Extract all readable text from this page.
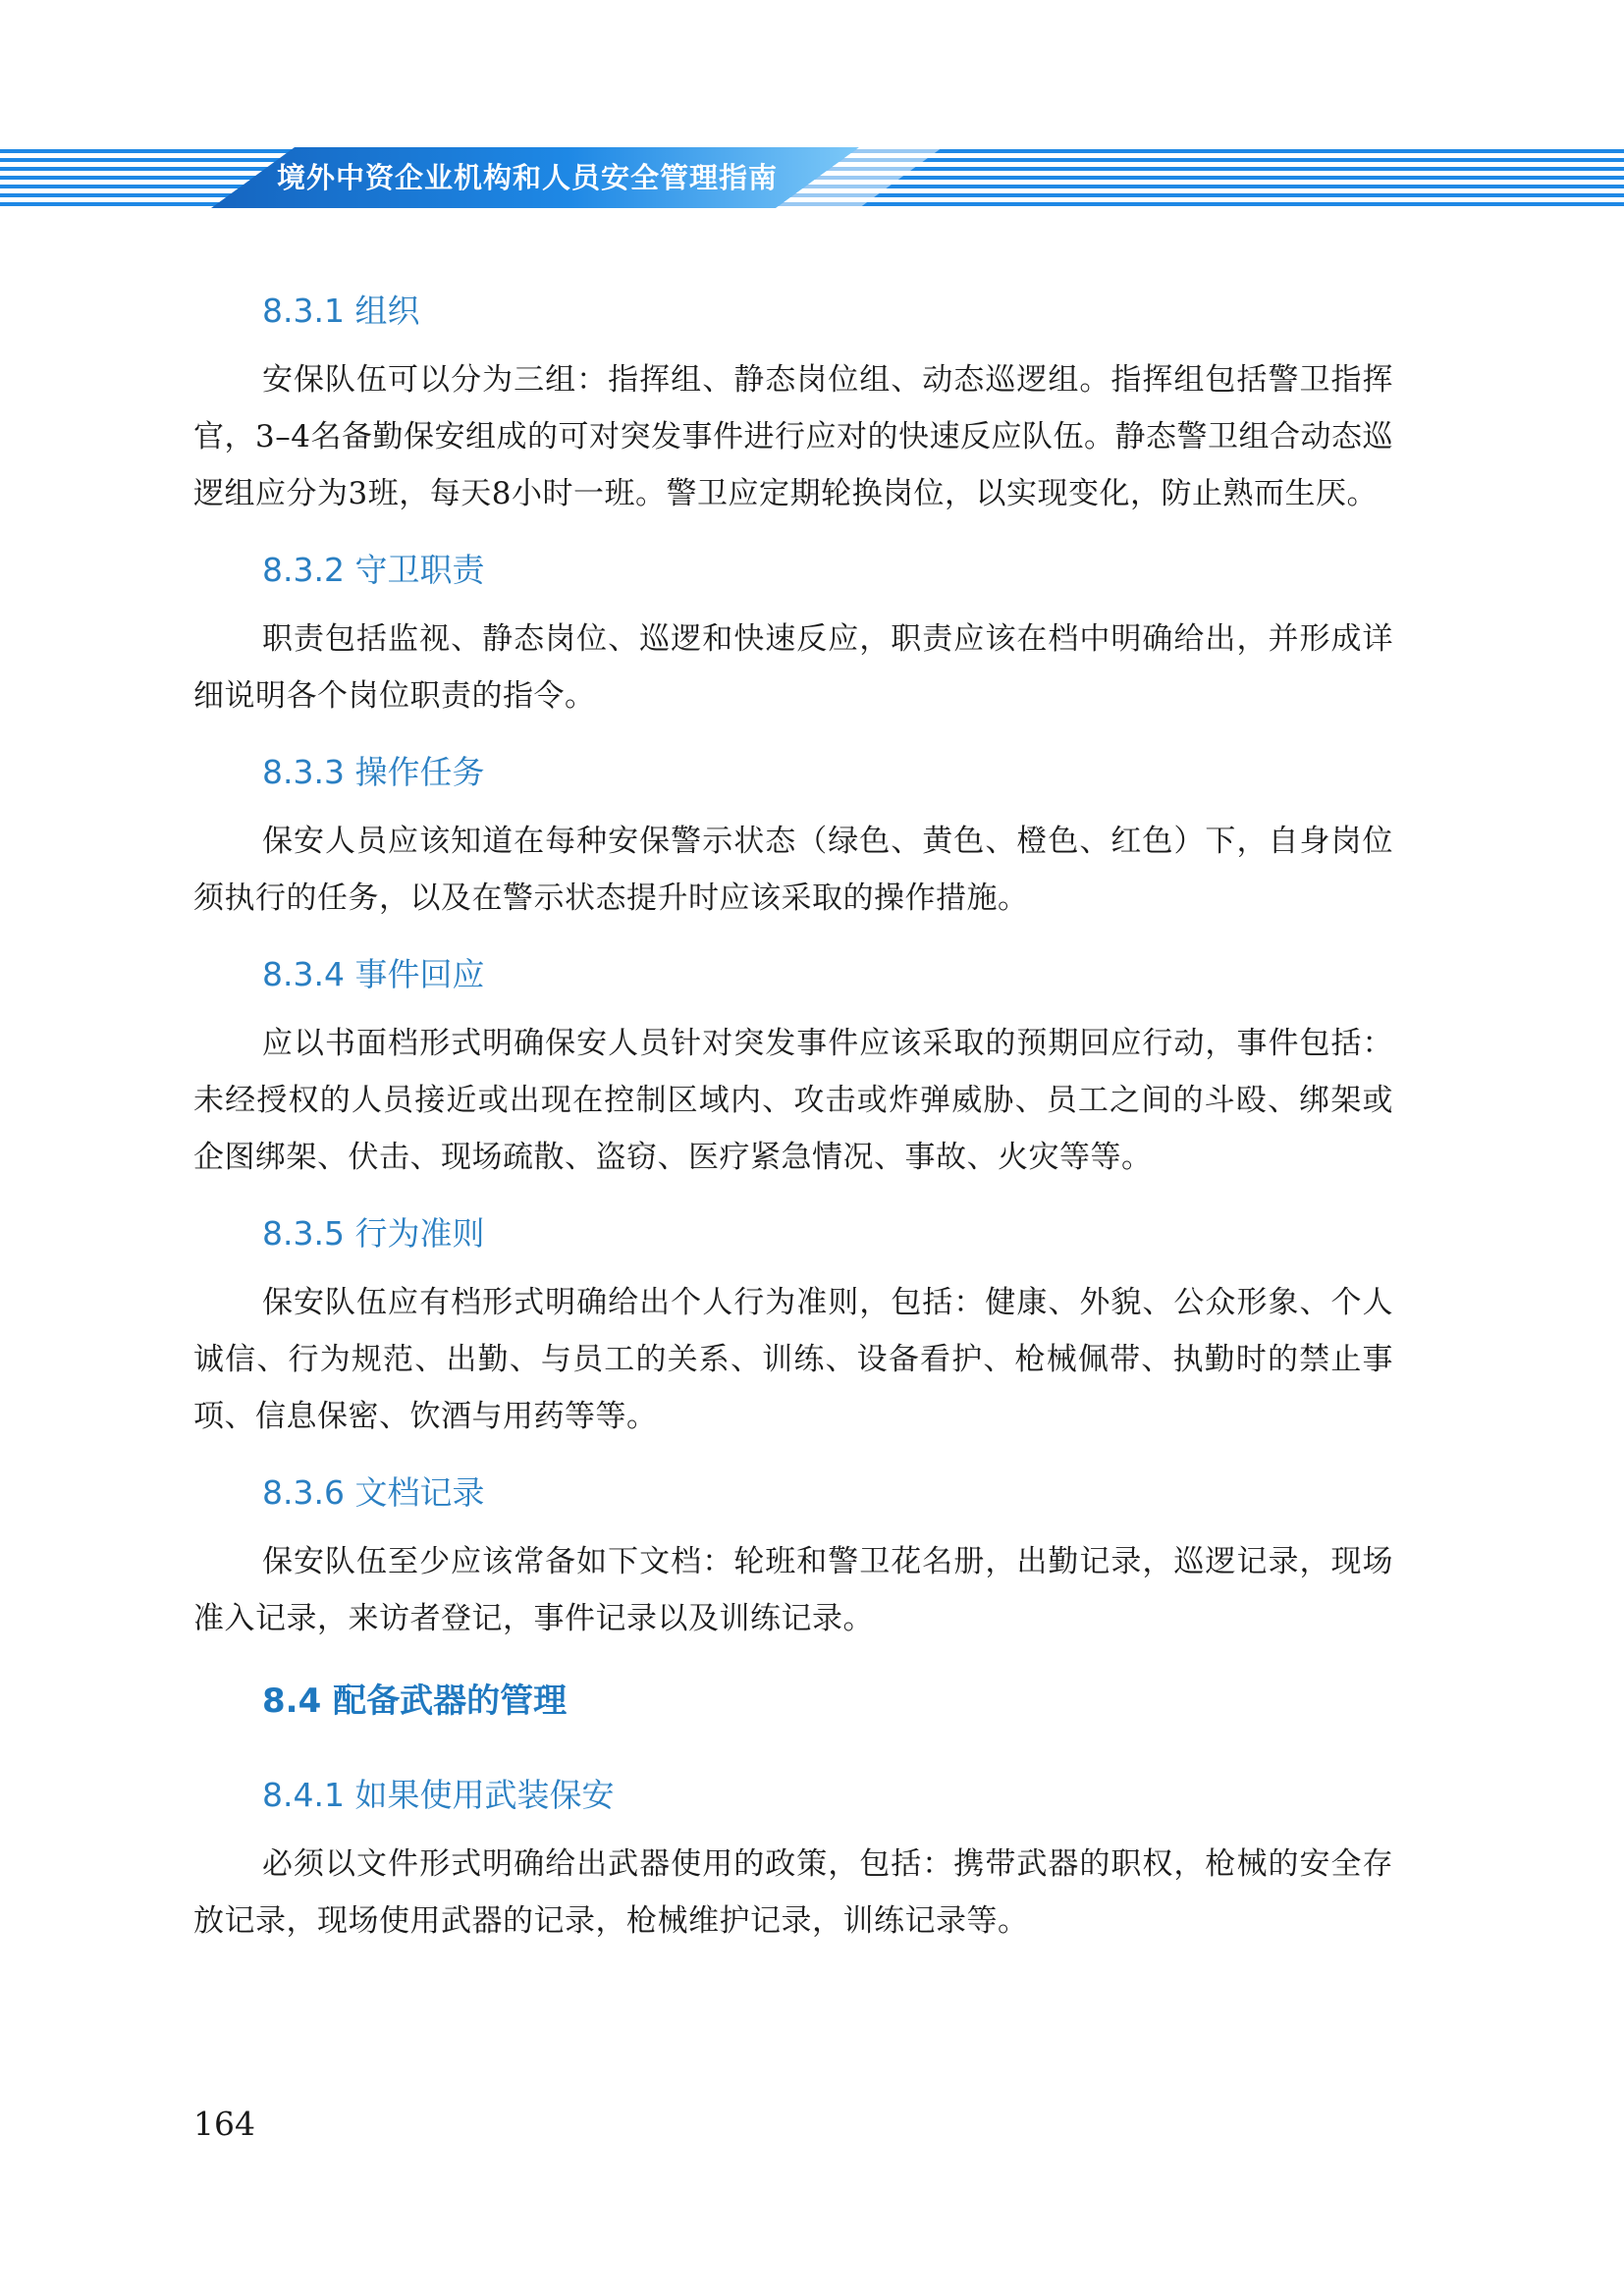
境外中资企业机构和人员安全管理指南
8.3.1 组织

安保队伍可以分为三组：指挥组、静态岗位组、动态巡逻组。指挥组包括警卫指挥官，3–4名备勤保安组成的可对突发事件进行应对的快速反应队伍。静态警卫组合动态巡逻组应分为3班，每天8小时一班。警卫应定期轮换岗位，以实现变化，防止熟而生厌。

8.3.2 守卫职责

职责包括监视、静态岗位、巡逻和快速反应，职责应该在档中明确给出，并形成详细说明各个岗位职责的指令。

8.3.3 操作任务

保安人员应该知道在每种安保警示状态（绿色、黄色、橙色、红色）下，自身岗位须执行的任务，以及在警示状态提升时应该采取的操作措施。

8.3.4 事件回应

应以书面档形式明确保安人员针对突发事件应该采取的预期回应行动，事件包括：未经授权的人员接近或出现在控制区域内、攻击或炸弹威胁、员工之间的斗殴、绑架或企图绑架、伏击、现场疏散、盗窃、医疗紧急情况、事故、火灾等等。

8.3.5 行为准则

保安队伍应有档形式明确给出个人行为准则，包括：健康、外貌、公众形象、个人诚信、行为规范、出勤、与员工的关系、训练、设备看护、枪械佩带、执勤时的禁止事项、信息保密、饮酒与用药等等。

8.3.6 文档记录

保安队伍至少应该常备如下文档：轮班和警卫花名册，出勤记录，巡逻记录，现场准入记录，来访者登记，事件记录以及训练记录。

8.4 配备武器的管理
8.4.1 如果使用武装保安

必须以文件形式明确给出武器使用的政策，包括：携带武器的职权，枪械的安全存放记录，现场使用武器的记录，枪械维护记录，训练记录等。

164
